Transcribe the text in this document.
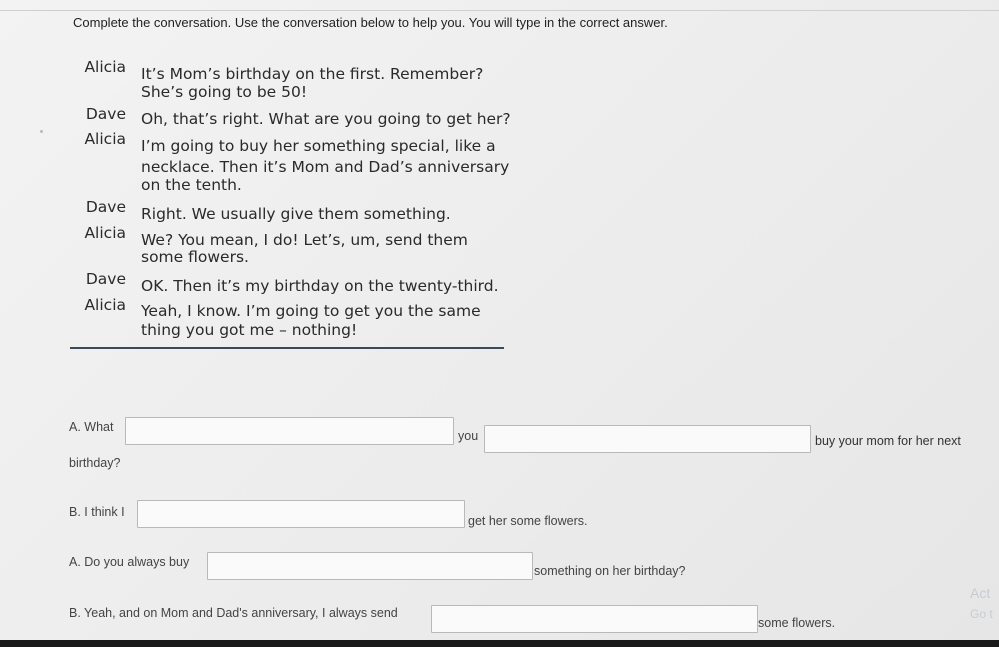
Complete the conversation. Use the conversation below to help you. You will type in the correct answer.
Alicia It’s Mom’s birthday on the first. Remember?
She’s going to be 50!
Dave Oh, that’s right. What are you going to get her?
Alicia I’m going to buy her something special, like a
necklace. Then it’s Mom and Dad’s anniversary
on the tenth.
Dave Right. We usually give them something.
Alicia We? You mean, I do! Let’s, um, send them
some flowers.
Dave OK. Then it’s my birthday on the twenty-third.
Alicia Yeah, I know. I’m going to get you the same
thing you got me – nothing!
A. What
you	buy your mom for her next
birthday?
B. I think I
get her some flowers.
A. Do you always buy
something on her birthday?
B. Yeah, and on Mom and Dad's anniversary, I always send
some flowers.
Act
Go t
